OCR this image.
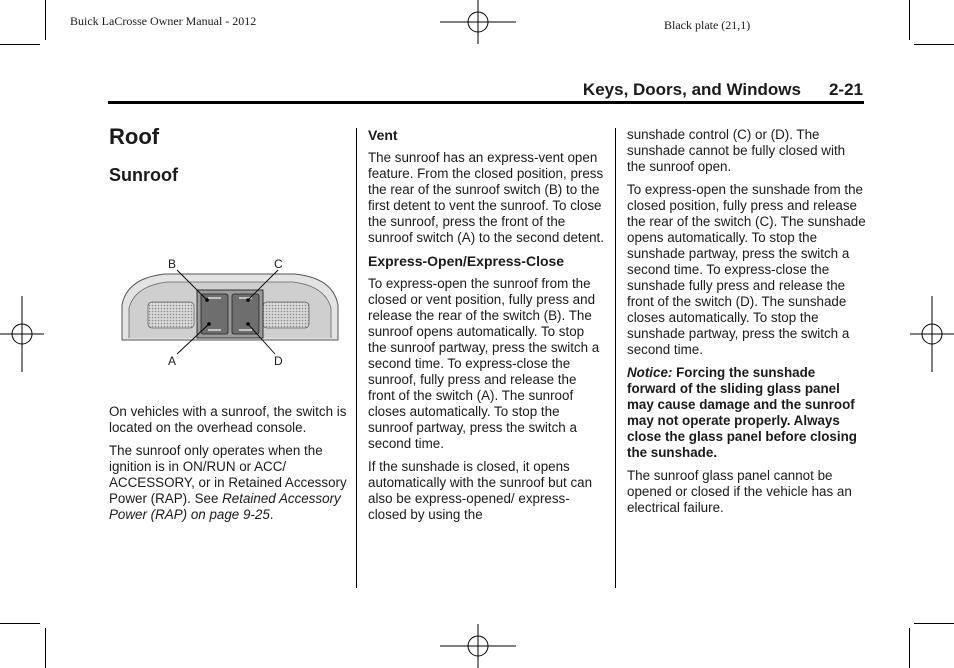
Buick LaCrosse Owner Manual - 2012	Black plate (21,1)
Keys, Doors, and Windows 2-21
Roof
Sunroof
B	C
A	D

On vehicles with a sunroof, the switch is located on the overhead console.

The sunroof only operates when the ignition is in ON/RUN or ACC/ ACCESSORY, or in Retained Accessory Power (RAP). See Retained Accessory Power (RAP) on page 9-25.

Vent

The sunroof has an express-vent open feature. From the closed position, press the rear of the sunroof switch (B) to the first detent to vent the sunroof. To close the sunroof, press the front of the sunroof switch (A) to the second detent.

Express-Open/Express-Close

To express-open the sunroof from the closed or vent position, fully press and release the rear of the switch (B). The sunroof opens automatically. To stop the sunroof partway, press the switch a second time. To express-close the sunroof, fully press and release the front of the switch (A). The sunroof closes automatically. To stop the sunroof partway, press the switch a second time.

If the sunshade is closed, it opens automatically with the sunroof but can also be express-opened/ express-closed by using the

sunshade control (C) or (D). The sunshade cannot be fully closed with the sunroof open.

To express-open the sunshade from the closed position, fully press and release the rear of the switch (C). The sunshade opens automatically. To stop the sunshade partway, press the switch a second time. To express-close the sunshade fully press and release the front of the switch (D). The sunshade closes automatically. To stop the sunshade partway, press the switch a second time.

Notice: Forcing the sunshade forward of the sliding glass panel may cause damage and the sunroof may not operate properly. Always close the glass panel before closing the sunshade.

The sunroof glass panel cannot be opened or closed if the vehicle has an electrical failure.
